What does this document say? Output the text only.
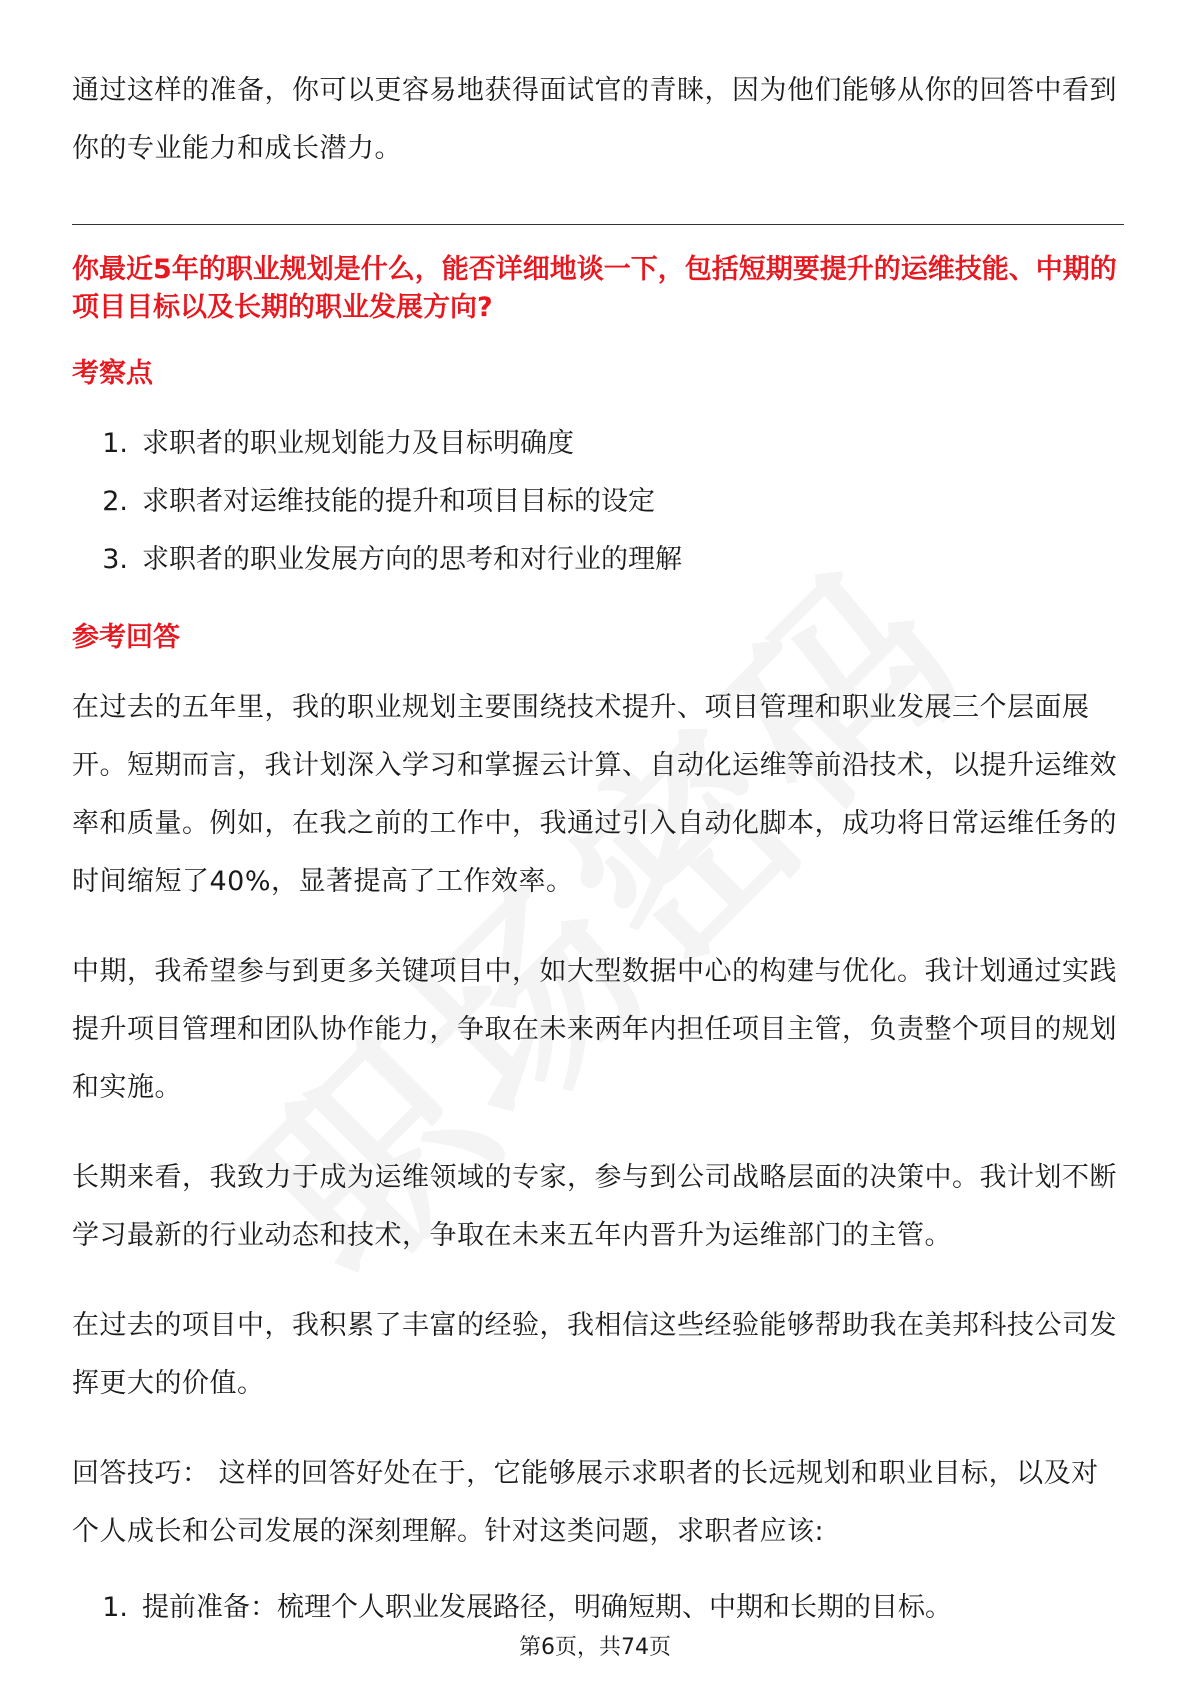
通过这样的准备，你可以更容易地获得面试官的青睐，因为他们能够从你的回答中看到你的专业能力和成长潜力。

你最近5年的职业规划是什么，能否详细地谈一下，包括短期要提升的运维技能、中期的项目目标以及长期的职业发展方向?

考察点
1. 求职者的职业规划能力及目标明确度
2. 求职者对运维技能的提升和项目目标的设定
3. 求职者的职业发展方向的思考和对行业的理解
参考回答

在过去的五年里，我的职业规划主要围绕技术提升、项目管理和职业发展三个层面展开。短期而言，我计划深入学习和掌握云计算、自动化运维等前沿技术，以提升运维效率和质量。例如，在我之前的工作中，我通过引入自动化脚本，成功将日常运维任务的时间缩短了40%，显著提高了工作效率。

中期，我希望参与到更多关键项目中，如大型数据中心的构建与优化。我计划通过实践提升项目管理和团队协作能力，争取在未来两年内担任项目主管，负责整个项目的规划和实施。

长期来看，我致力于成为运维领域的专家，参与到公司战略层面的决策中。我计划不断学习最新的行业动态和技术，争取在未来五年内晋升为运维部门的主管。

在过去的项目中，我积累了丰富的经验，我相信这些经验能够帮助我在美邦科技公司发挥更大的价值。

回答技巧： 这样的回答好处在于，它能够展示求职者的长远规划和职业目标，以及对个人成长和公司发展的深刻理解。针对这类问题，求职者应该:

1. 提前准备：梳理个人职业发展路径，明确短期、中期和长期的目标。
第6页，共74页
